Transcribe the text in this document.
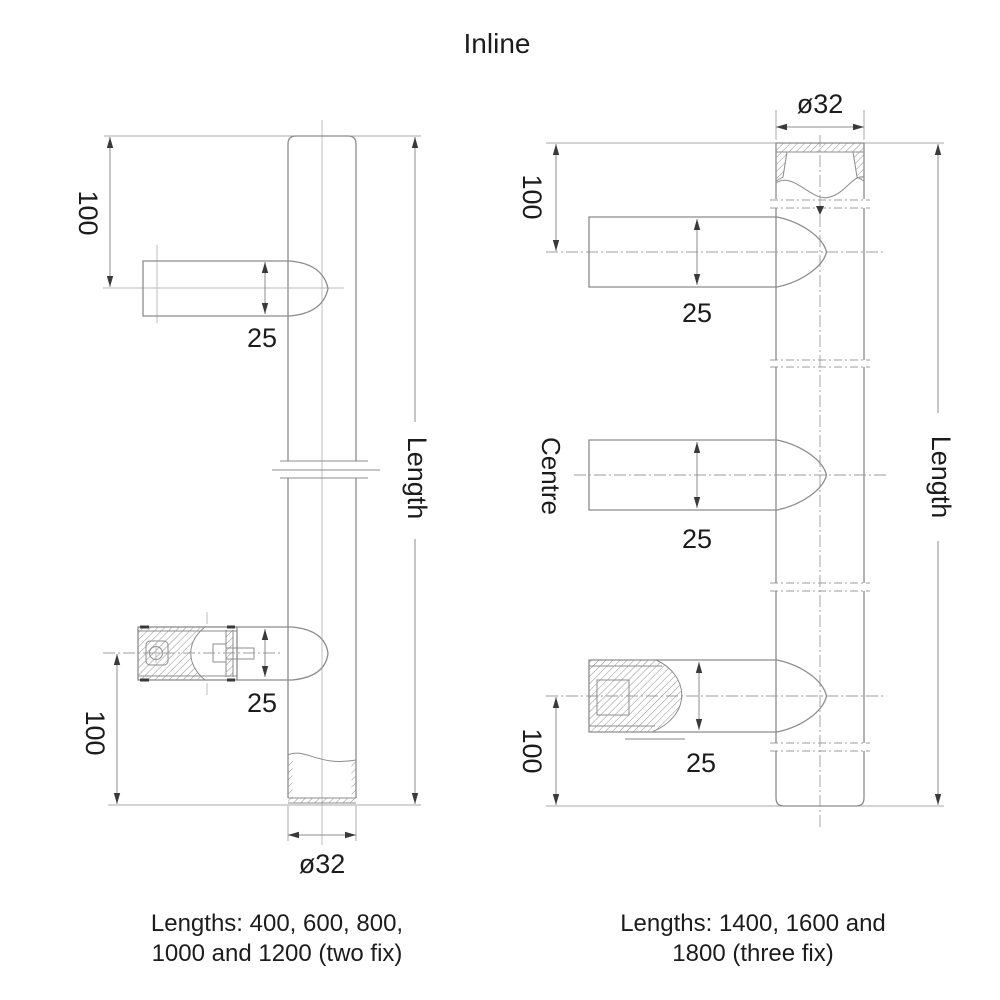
Inline
100
25
25
100
ø32
Length
ø32
100
25
Centre
25
25
100
Length
Lengths: 400, 600, 800,
1000 and 1200 (two fix)
Lengths: 1400, 1600 and
1800 (three fix)
